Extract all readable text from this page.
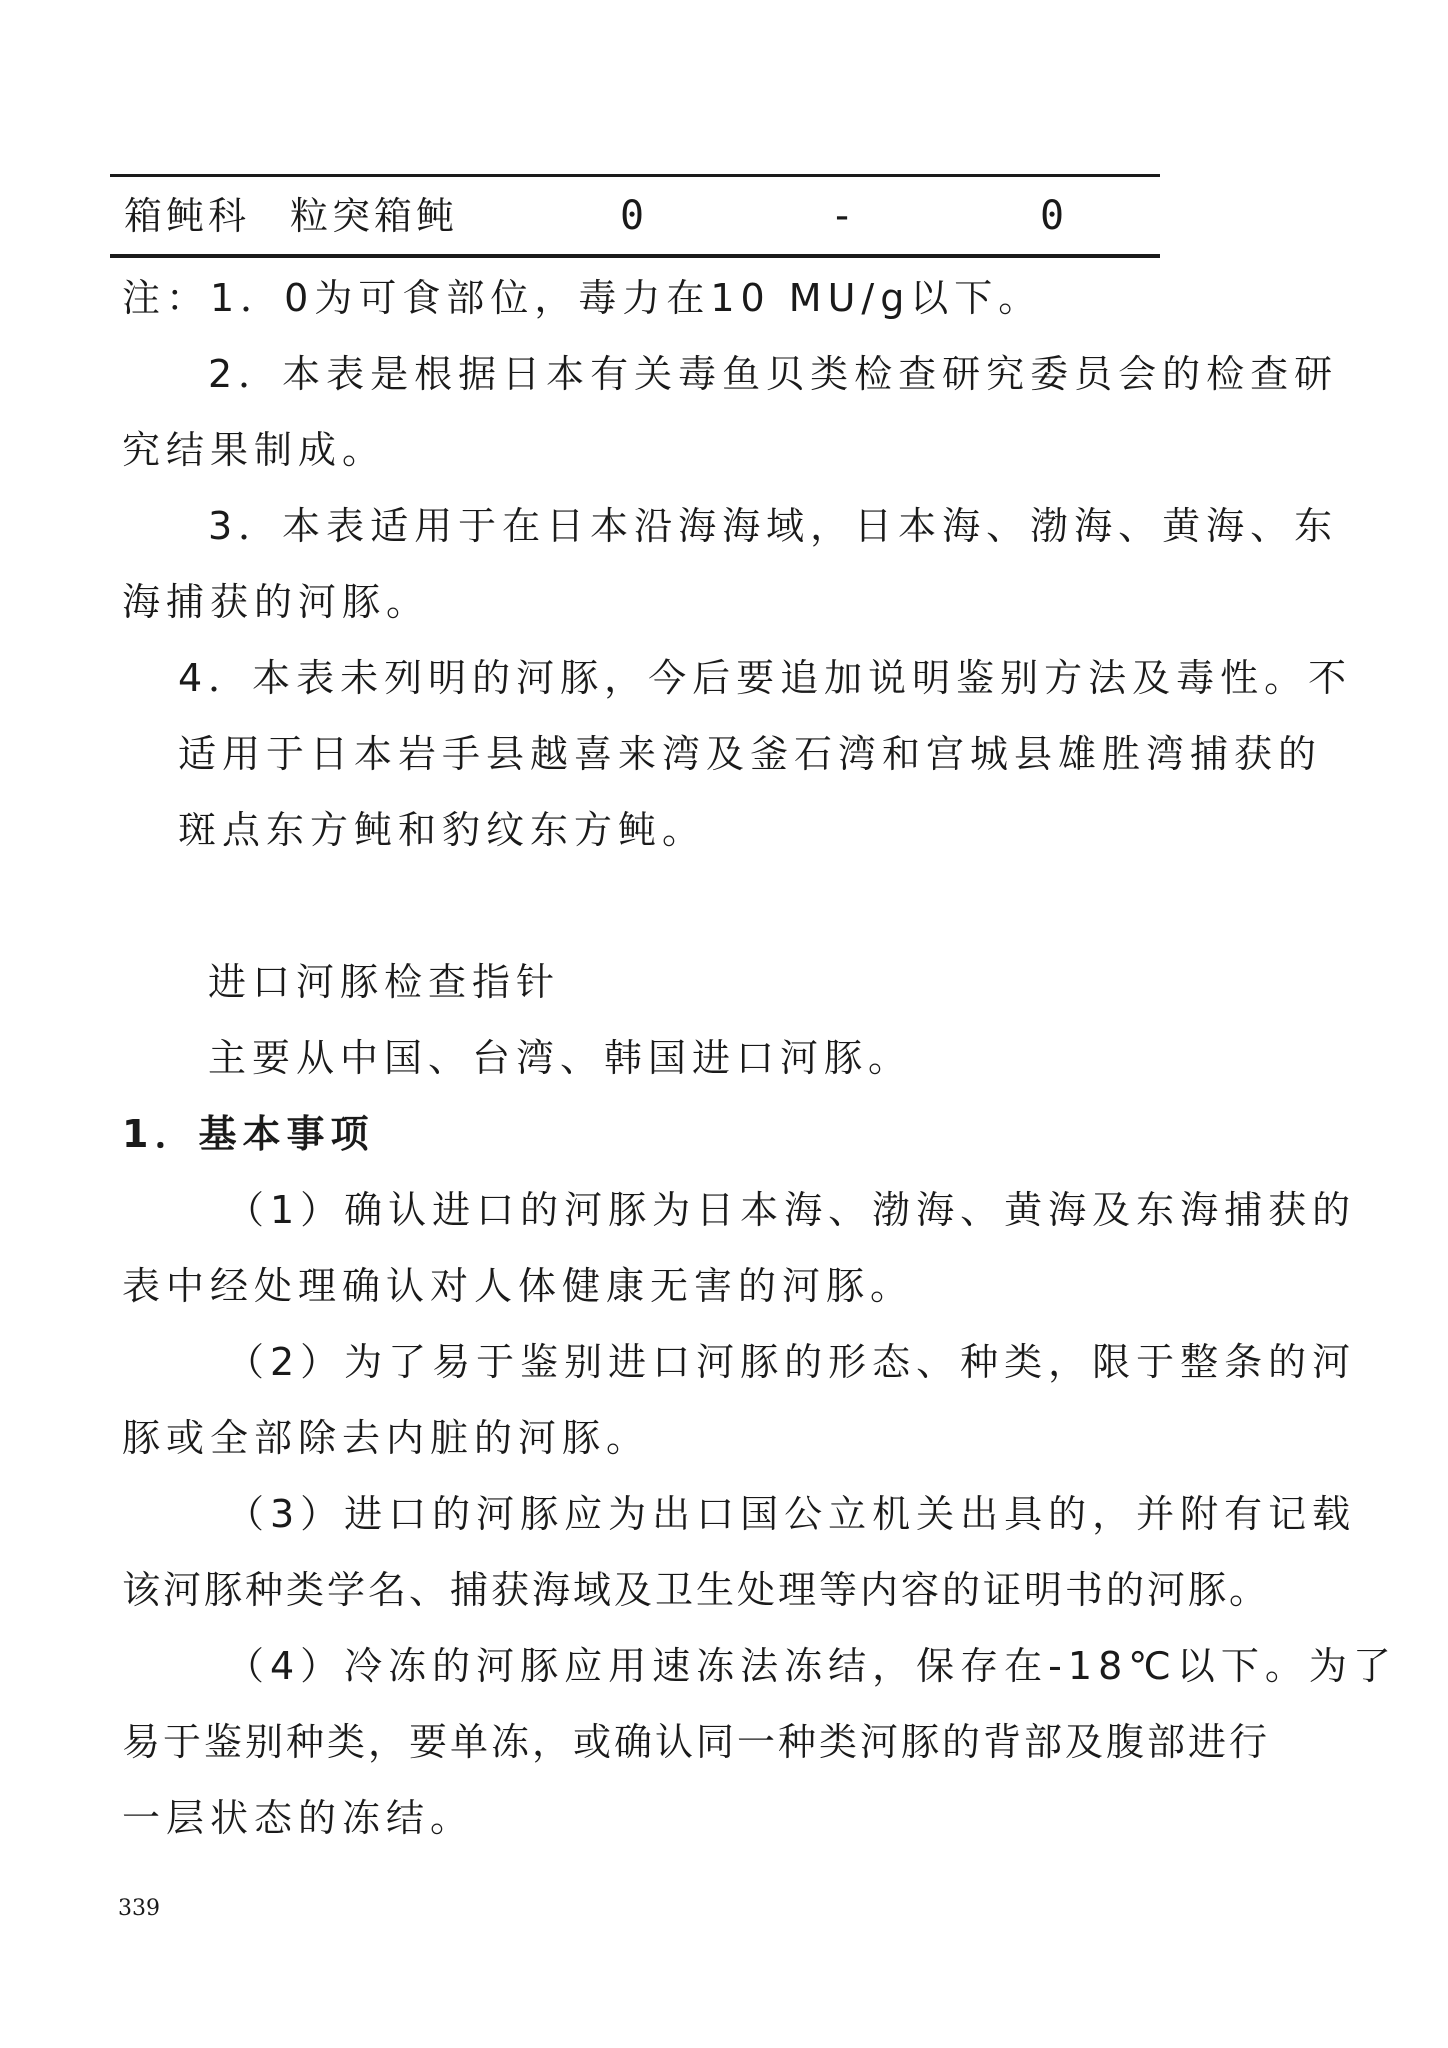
箱鲀科 粒突箱鲀	0	-	0
注：1．0为可食部位，毒力在10 MU/g以下。
2．本表是根据日本有关毒鱼贝类检查研究委员会的检查研
究结果制成。
3．本表适用于在日本沿海海域，日本海、渤海、黄海、东
海捕获的河豚。
4．本表未列明的河豚，今后要追加说明鉴别方法及毒性。不
适用于日本岩手县越喜来湾及釜石湾和宫城县雄胜湾捕获的
斑点东方鲀和豹纹东方鲀。
进口河豚检查指针
主要从中国、台湾、韩国进口河豚。
1．基本事项
（1）确认进口的河豚为日本海、渤海、黄海及东海捕获的
表中经处理确认对人体健康无害的河豚。
（2）为了易于鉴别进口河豚的形态、种类，限于整条的河
豚或全部除去内脏的河豚。
（3）进口的河豚应为出口国公立机关出具的，并附有记载
该河豚种类学名、捕获海域及卫生处理等内容的证明书的河豚。
（4）冷冻的河豚应用速冻法冻结，保存在-18℃以下。为了
易于鉴别种类，要单冻，或确认同一种类河豚的背部及腹部进行
一层状态的冻结。
339
